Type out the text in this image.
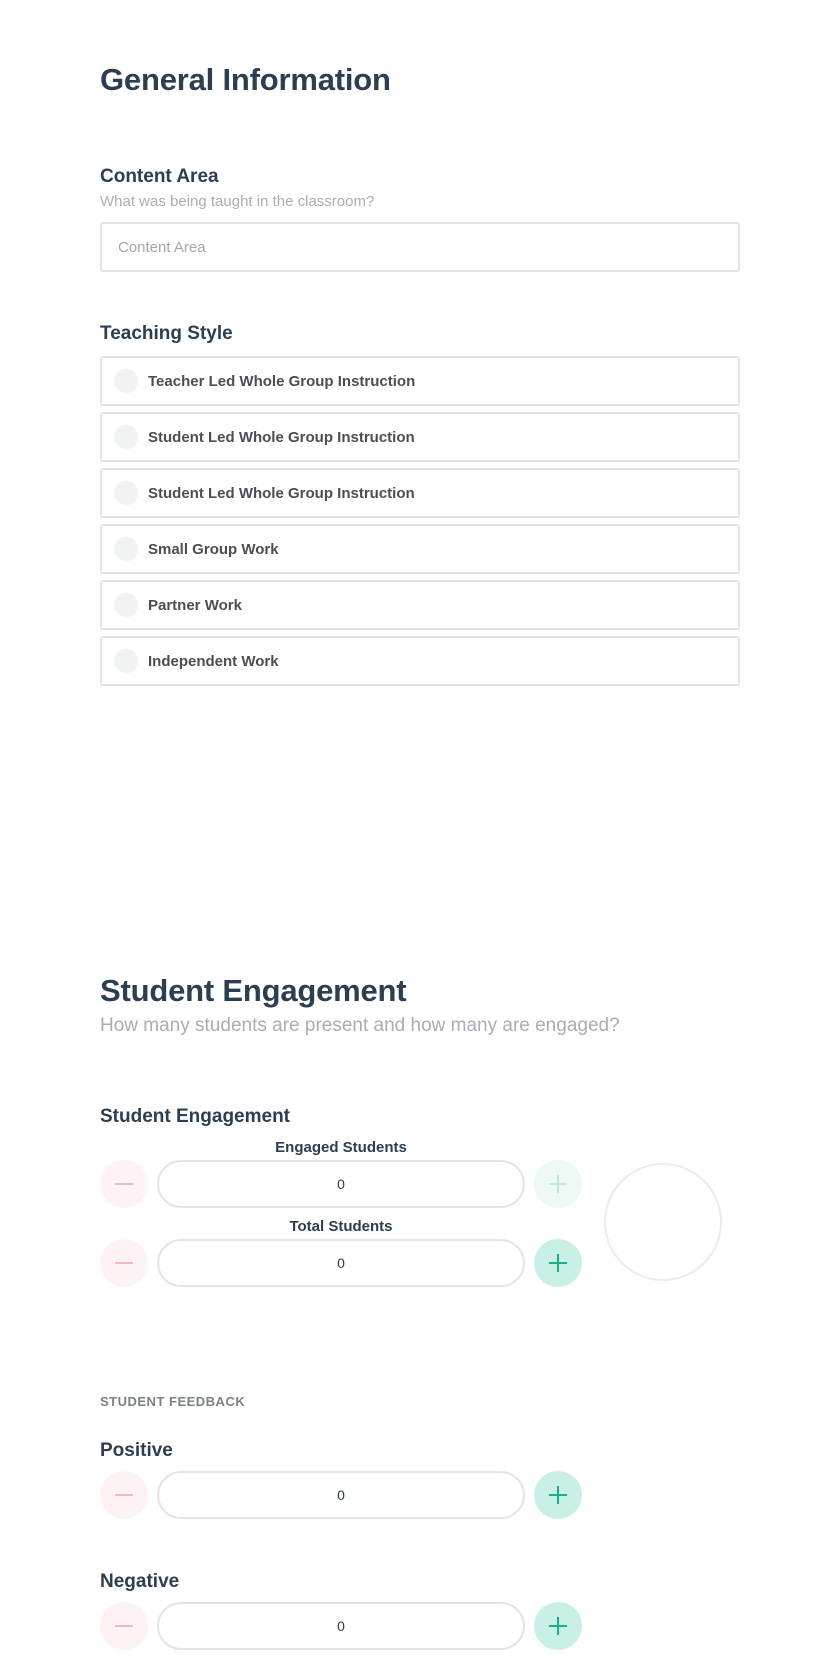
General Information
Content Area
What was being taught in the classroom?
Content Area
Teaching Style
Teacher Led Whole Group Instruction
Student Led Whole Group Instruction
Student Led Whole Group Instruction
Small Group Work
Partner Work
Independent Work
Student Engagement
How many students are present and how many are engaged?
Student Engagement
Engaged Students
0
Total Students
0
STUDENT FEEDBACK
Positive
0
Negative
0
